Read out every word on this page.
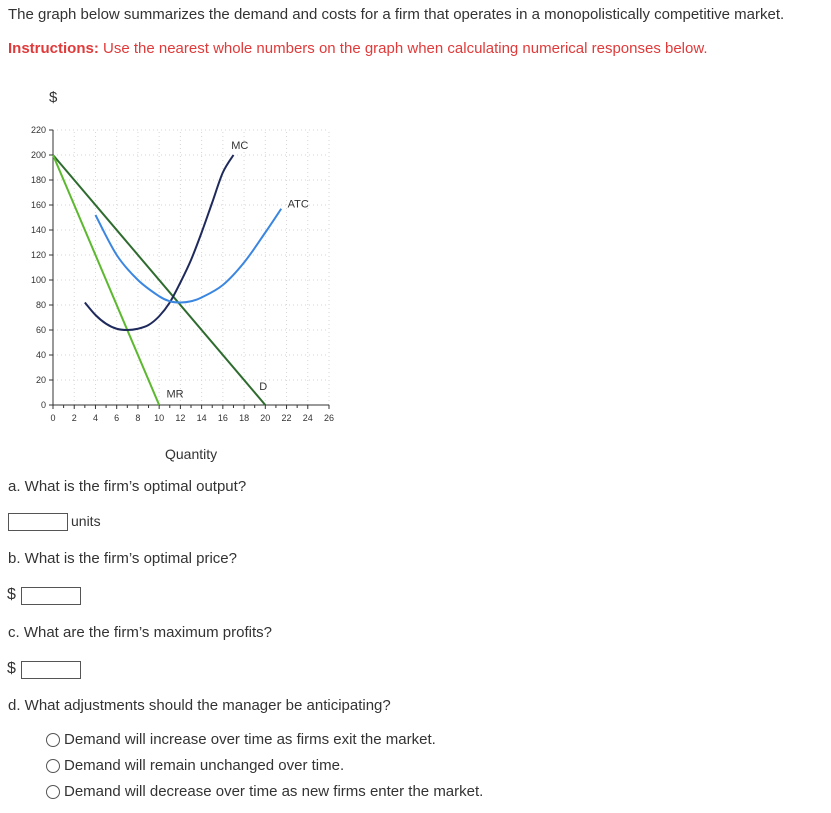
The graph below summarizes the demand and costs for a firm that operates in a monopolistically competitive market.
Instructions: Use the nearest whole numbers on the graph when calculating numerical responses below.
$
0 2 4 6 8 10 12 14 16 18 20 22 24 26
0
20
40
60
80
100
120
140
160
180
200
220
D
MR
MC
ATC
Quantity
a. What is the firm’s optimal output?
units
b. What is the firm’s optimal price?
$
c. What are the firm’s maximum profits?
$
d. What adjustments should the manager be anticipating?
Demand will increase over time as firms exit the market.
Demand will remain unchanged over time.
Demand will decrease over time as new firms enter the market.
